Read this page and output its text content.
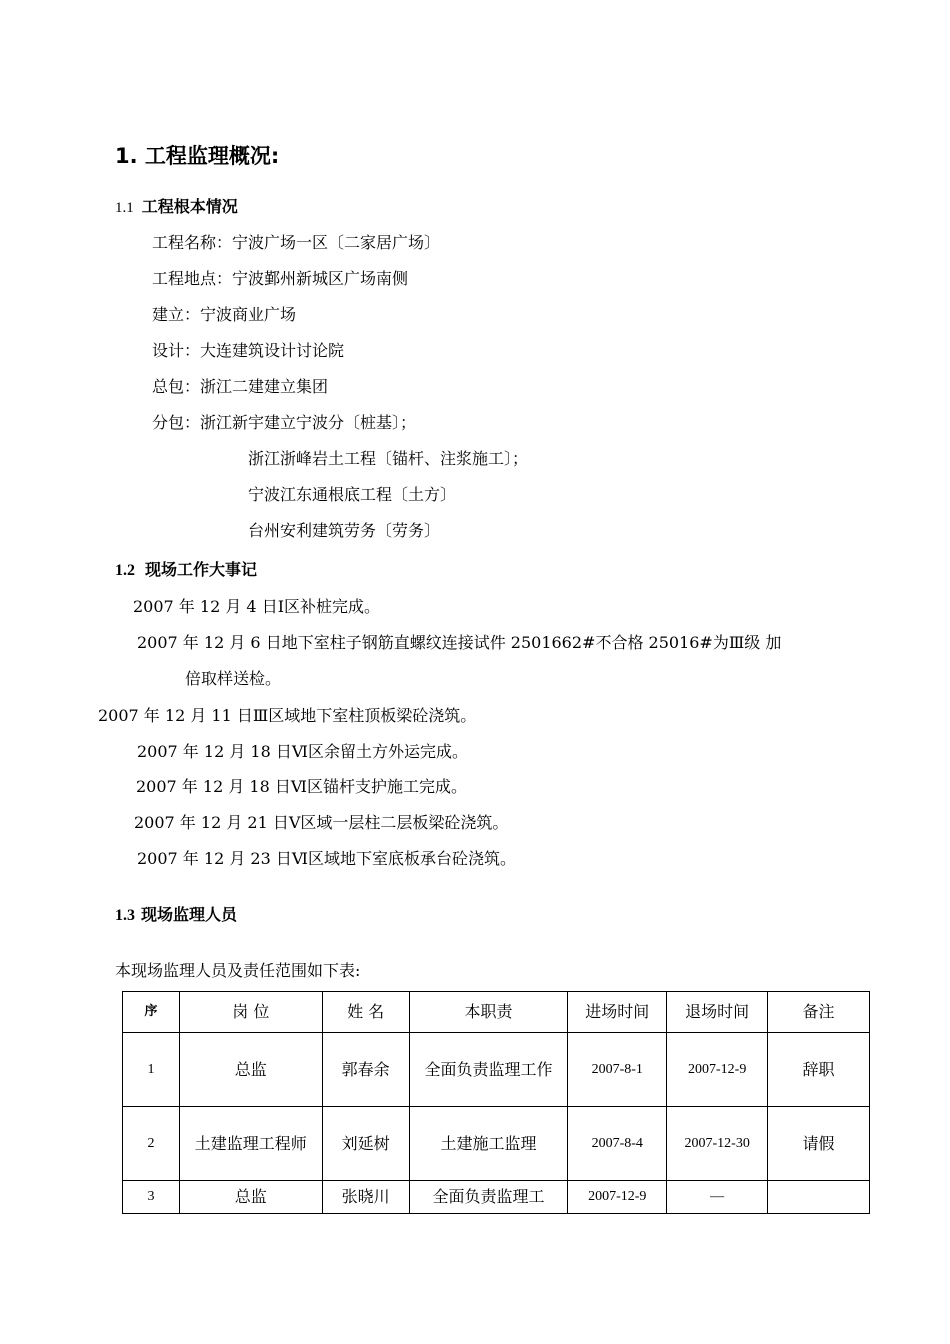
1. 工程监理概况:
1.1 工程根本情况
工程名称：宁波广场一区〔二家居广场〕
工程地点：宁波鄞州新城区广场南侧
建立：宁波商业广场
设计：大连建筑设计讨论院
总包：浙江二建建立集团
分包：浙江新宇建立宁波分〔桩基〕；
浙江浙峰岩土工程〔锚杆、注浆施工〕；
宁波江东通根底工程〔土方〕
台州安利建筑劳务〔劳务〕
1.2 现场工作大事记
2007 年 12 月 4 日Ⅰ区补桩完成。
2007 年 12 月 6 日地下室柱子钢筋直螺纹连接试件 2501662#不合格 25016#为Ⅲ级 加
倍取样送检。
2007 年 12 月 11 日Ⅲ区域地下室柱顶板梁砼浇筑。
2007 年 12 月 18 日Ⅵ区余留土方外运完成。
2007 年 12 月 18 日Ⅵ区锚杆支护施工完成。
2007 年 12 月 21 日Ⅴ区域一层柱二层板梁砼浇筑。
2007 年 12 月 23 日Ⅵ区域地下室底板承台砼浇筑。
1.3 现场监理人员
本现场监理人员及责任范围如下表:
序	岗 位	姓 名	本职责	进场时间	退场时间	备注
1	总监	郭春余	全面负责监理工作	2007-8-1	2007-12-9	辞职
2	土建监理工程师	刘延树	土建施工监理	2007-8-4	2007-12-30	请假
3	总监	张晓川	全面负责监理工	2007-12-9	—	
